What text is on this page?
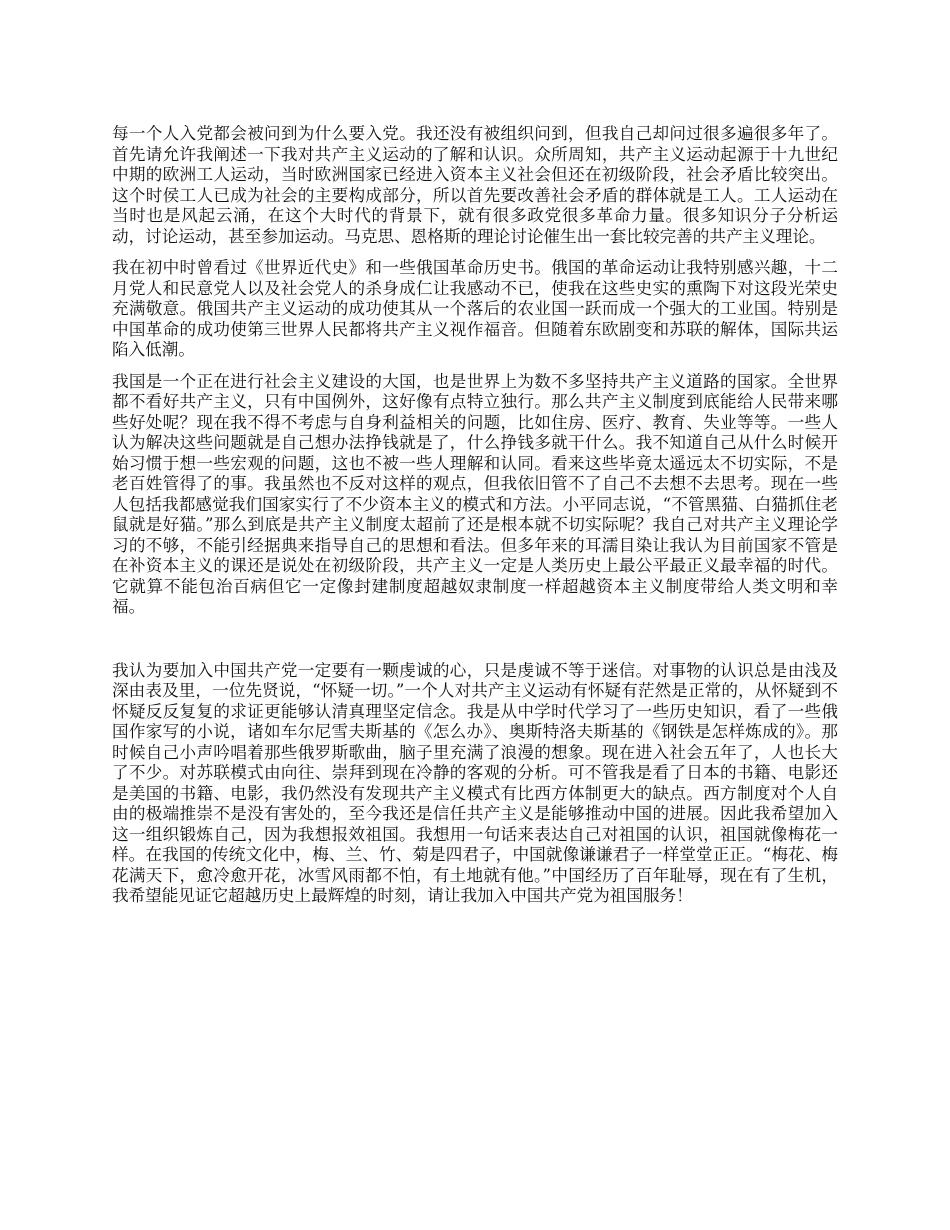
每一个人入党都会被问到为什么要入党。我还没有被组织问到，但我自己却问过很多遍很多年了。首先请允许我阐述一下我对共产主义运动的了解和认识。众所周知，共产主义运动起源于十九世纪中期的欧洲工人运动，当时欧洲国家已经进入资本主义社会但还在初级阶段，社会矛盾比较突出。这个时侯工人已成为社会的主要构成部分，所以首先要改善社会矛盾的群体就是工人。工人运动在当时也是风起云涌，在这个大时代的背景下，就有很多政党很多革命力量。很多知识分子分析运动，讨论运动，甚至参加运动。马克思、恩格斯的理论讨论催生出一套比较完善的共产主义理论。

我在初中时曾看过《世界近代史》和一些俄国革命历史书。俄国的革命运动让我特别感兴趣，十二月党人和民意党人以及社会党人的杀身成仁让我感动不已，使我在这些史实的熏陶下对这段光荣史充满敬意。俄国共产主义运动的成功使其从一个落后的农业国一跃而成一个强大的工业国。特别是中国革命的成功使第三世界人民都将共产主义视作福音。但随着东欧剧变和苏联的解体，国际共运陷入低潮。

我国是一个正在进行社会主义建设的大国，也是世界上为数不多坚持共产主义道路的国家。全世界都不看好共产主义，只有中国例外，这好像有点特立独行。那么共产主义制度到底能给人民带来哪些好处呢？现在我不得不考虑与自身利益相关的问题，比如住房、医疗、教育、失业等等。一些人认为解决这些问题就是自己想办法挣钱就是了，什么挣钱多就干什么。我不知道自己从什么时候开始习惯于想一些宏观的问题，这也不被一些人理解和认同。看来这些毕竟太遥远太不切实际，不是老百姓管得了的事。我虽然也不反对这样的观点，但我依旧管不了自己不去想不去思考。现在一些人包括我都感觉我们国家实行了不少资本主义的模式和方法。小平同志说，“不管黑猫、白猫抓住老鼠就是好猫。”那么到底是共产主义制度太超前了还是根本就不切实际呢？我自己对共产主义理论学习的不够，不能引经据典来指导自己的思想和看法。但多年来的耳濡目染让我认为目前国家不管是在补资本主义的课还是说处在初级阶段，共产主义一定是人类历史上最公平最正义最幸福的时代。它就算不能包治百病但它一定像封建制度超越奴隶制度一样超越资本主义制度带给人类文明和幸福。

我认为要加入中国共产党一定要有一颗虔诚的心，只是虔诚不等于迷信。对事物的认识总是由浅及深由表及里，一位先贤说，“怀疑一切。”一个人对共产主义运动有怀疑有茫然是正常的，从怀疑到不怀疑反反复复的求证更能够认清真理坚定信念。我是从中学时代学习了一些历史知识，看了一些俄国作家写的小说，诸如车尔尼雪夫斯基的《怎么办》、奥斯特洛夫斯基的《钢铁是怎样炼成的》。那时候自己小声吟唱着那些俄罗斯歌曲，脑子里充满了浪漫的想象。现在进入社会五年了，人也长大了不少。对苏联模式由向往、崇拜到现在冷静的客观的分析。可不管我是看了日本的书籍、电影还是美国的书籍、电影，我仍然没有发现共产主义模式有比西方体制更大的缺点。西方制度对个人自由的极端推崇不是没有害处的，至今我还是信任共产主义是能够推动中国的进展。因此我希望加入这一组织锻炼自己，因为我想报效祖国。我想用一句话来表达自己对祖国的认识，祖国就像梅花一样。在我国的传统文化中，梅、兰、竹、菊是四君子，中国就像谦谦君子一样堂堂正正。“梅花、梅花满天下，愈冷愈开花，冰雪风雨都不怕，有土地就有他。”中国经历了百年耻辱，现在有了生机，我希望能见证它超越历史上最辉煌的时刻，请让我加入中国共产党为祖国服务！
